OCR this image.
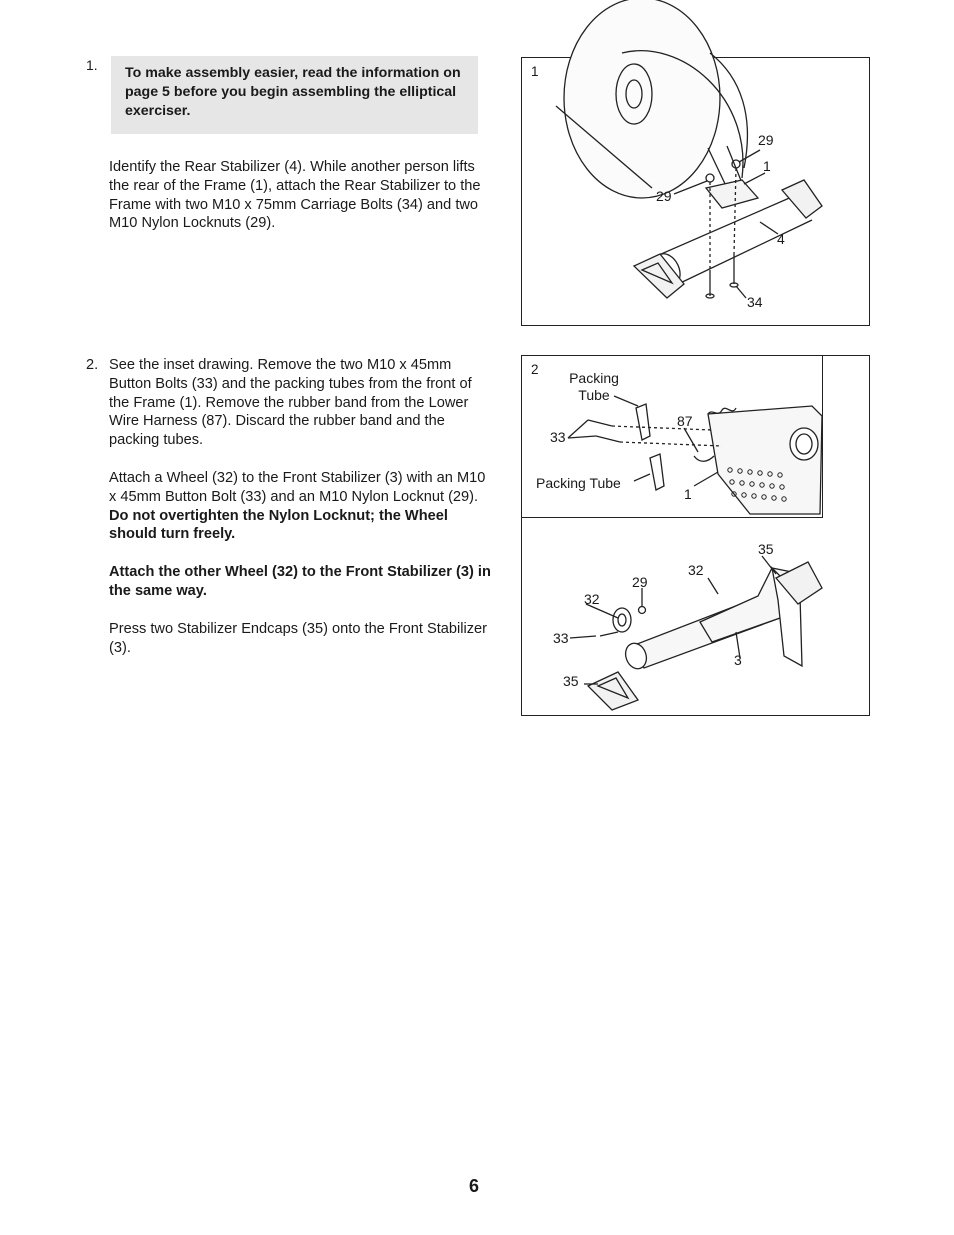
1.	To make assembly easier, read the information on page 5 before you begin assembling the elliptical exerciser.
Identify the Rear Stabilizer (4). While another person lifts the rear of the Frame (1), attach the Rear Stabilizer to the Frame with two M10 x 75mm Carriage Bolts (34) and two M10 Nylon Locknuts (29).
1
29
1
29
4
34
2. See the inset drawing. Remove the two M10 x 45mm Button Bolts (33) and the packing tubes from the front of the Frame (1). Remove the rubber band from the Lower Wire Harness (87). Discard the rubber band and the packing tubes.
Attach a Wheel (32) to the Front Stabilizer (3) with an M10 x 45mm Button Bolt (33) and an M10 Nylon Locknut (29). Do not overtighten the Nylon Locknut; the Wheel should turn freely.
Attach the other Wheel (32) to the Front Stabilizer (3) in the same way.
Press two Stabilizer Endcaps (35) onto the Front Stabilizer (3).
2
Packing
Tube
87
33
Packing Tube
1
35
32
29
32
33
3
35
6
